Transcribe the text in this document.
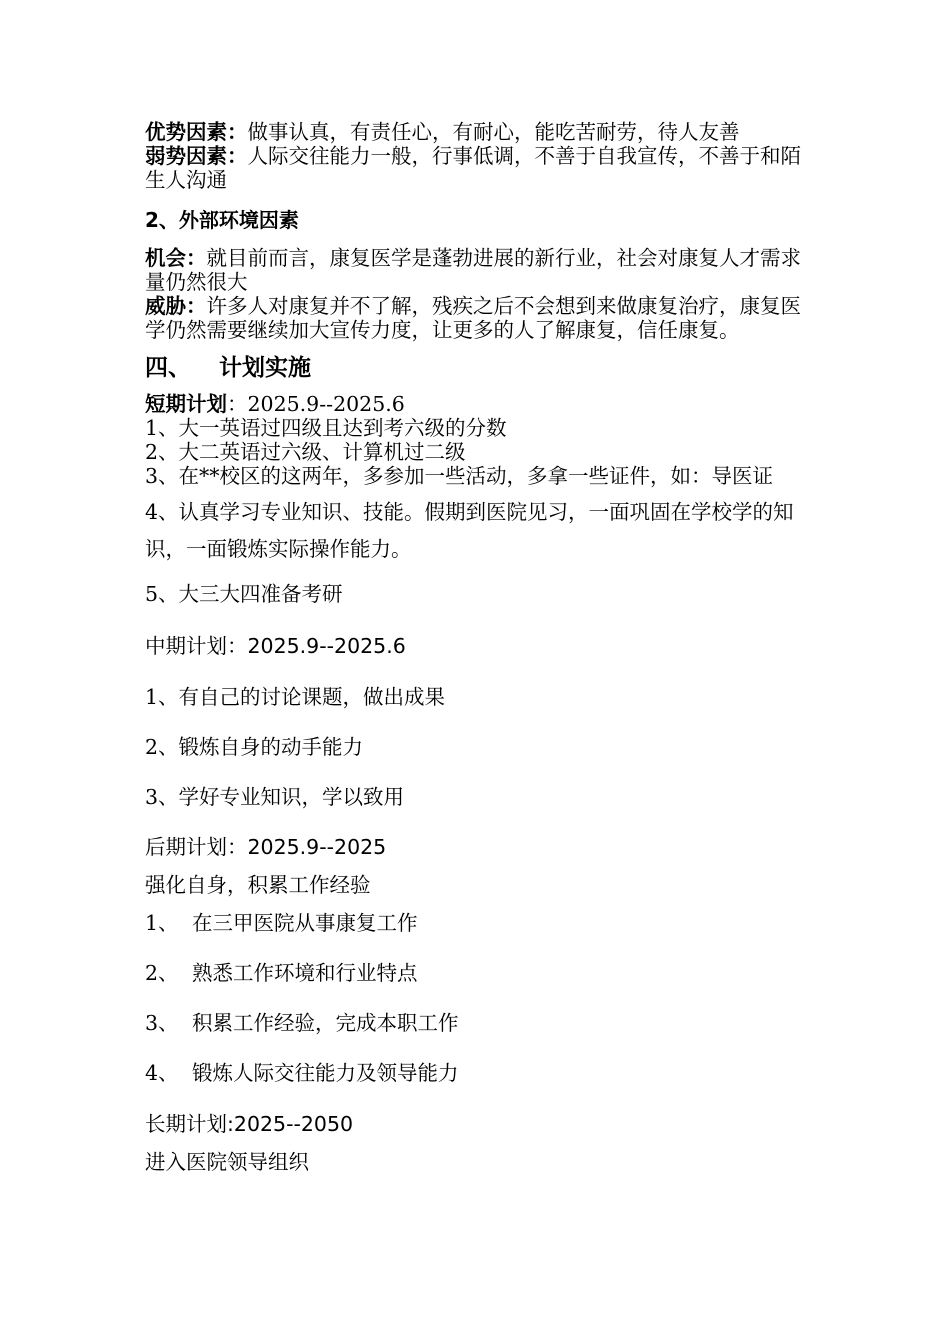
优势因素：做事认真，有责任心，有耐心，能吃苦耐劳，待人友善

弱势因素：人际交往能力一般，行事低调，不善于自我宣传，不善于和陌生人沟通

2、外部环境因素

机会：就目前而言，康复医学是蓬勃进展的新行业，社会对康复人才需求量仍然很大

威胁：许多人对康复并不了解，残疾之后不会想到来做康复治疗，康复医学仍然需要继续加大宣传力度，让更多的人了解康复，信任康复。

四、 计划实施

短期计划：2025.9--2025.6

1、大一英语过四级且达到考六级的分数

2、大二英语过六级、计算机过二级

3、在**校区的这两年，多参加一些活动，多拿一些证件，如：导医证

4、认真学习专业知识、技能。假期到医院见习，一面巩固在学校学的知识，一面锻炼实际操作能力。

5、大三大四准备考研

中期计划：2025.9--2025.6

1、有自己的讨论课题，做出成果

2、锻炼自身的动手能力

3、学好专业知识，学以致用

后期计划：2025.9--2025

强化自身，积累工作经验

1、 在三甲医院从事康复工作
2、 熟悉工作环境和行业特点
3、 积累工作经验，完成本职工作
4、 锻炼人际交往能力及领导能力

长期计划:2025--2050

进入医院领导组织
